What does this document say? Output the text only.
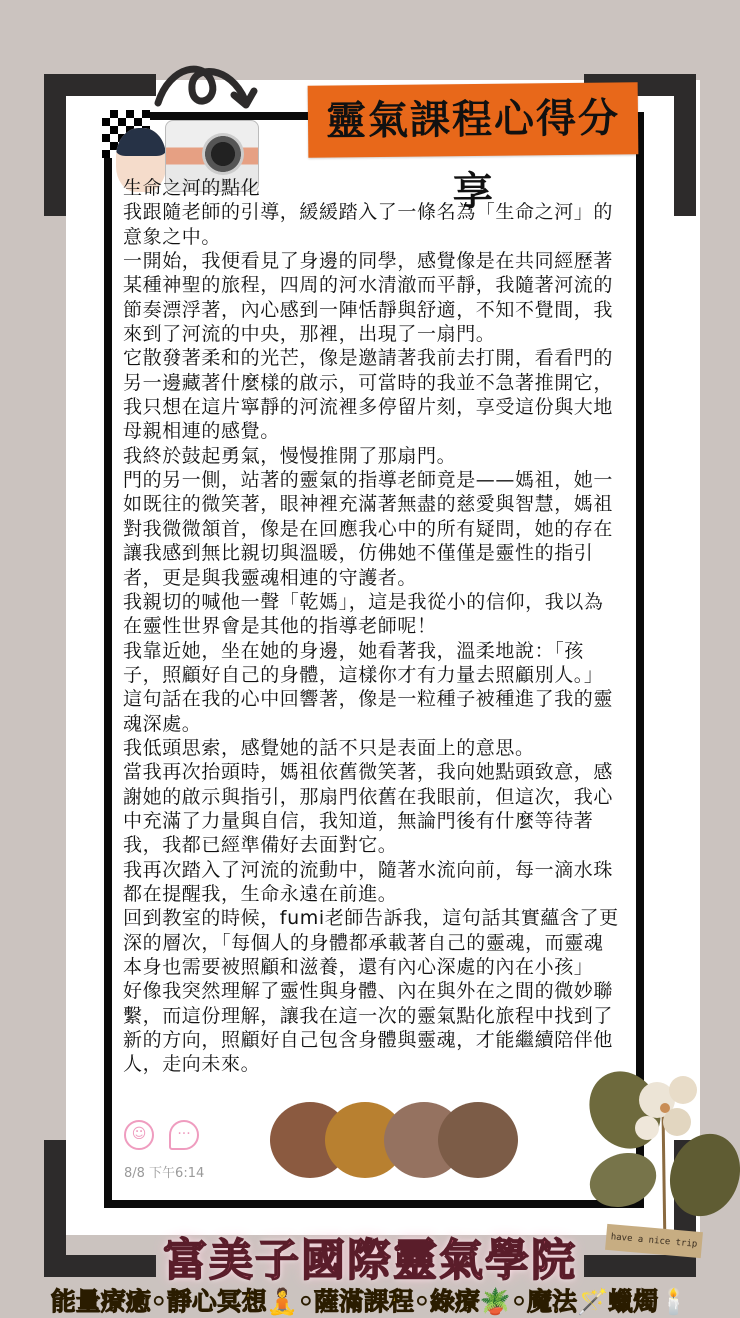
靈氣課程心得分享
生命之河的點化
我跟隨老師的引導，緩緩踏入了一條名為「生命之河」的
意象之中。
一開始，我便看見了身邊的同學，感覺像是在共同經歷著
某種神聖的旅程，四周的河水清澈而平靜，我隨著河流的
節奏漂浮著，內心感到一陣恬靜與舒適，不知不覺間，我
來到了河流的中央，那裡，出現了一扇門。
它散發著柔和的光芒，像是邀請著我前去打開，看看門的
另一邊藏著什麼樣的啟示，可當時的我並不急著推開它，
我只想在這片寧靜的河流裡多停留片刻，享受這份與大地
母親相連的感覺。
我終於鼓起勇氣，慢慢推開了那扇門。
門的另一側，站著的靈氣的指導老師竟是——媽祖，她一
如既往的微笑著，眼神裡充滿著無盡的慈愛與智慧，媽祖
對我微微頷首，像是在回應我心中的所有疑問，她的存在
讓我感到無比親切與溫暖，仿佛她不僅僅是靈性的指引
者，更是與我靈魂相連的守護者。
我親切的喊他一聲「乾媽」，這是我從小的信仰，我以為
在靈性世界會是其他的指導老師呢！
我靠近她，坐在她的身邊，她看著我，溫柔地說：「孩
子，照顧好自己的身體，這樣你才有力量去照顧別人。」
這句話在我的心中回響著，像是一粒種子被種進了我的靈
魂深處。
我低頭思索，感覺她的話不只是表面上的意思。
當我再次抬頭時，媽祖依舊微笑著，我向她點頭致意，感
謝她的啟示與指引，那扇門依舊在我眼前，但這次，我心
中充滿了力量與自信，我知道，無論門後有什麼等待著
我，我都已經準備好去面對它。
我再次踏入了河流的流動中，隨著水流向前，每一滴水珠
都在提醒我，生命永遠在前進。
回到教室的時候，fumi老師告訴我，這句話其實蘊含了更
深的層次，「每個人的身體都承載著自己的靈魂，而靈魂
本身也需要被照顧和滋養，還有內心深處的內在小孩」
好像我突然理解了靈性與身體、內在與外在之間的微妙聯
繫，而這份理解，讓我在這一次的靈氣點化旅程中找到了
新的方向，照顧好自己包含身體與靈魂，才能繼續陪伴他
人，走向未來。
☺	···
8/8 下午6:14
have a nice trip
富美子國際靈氣學院
能量療癒◦靜心冥想🧘◦薩滿課程◦綠療🪴◦魔法🪄蠟燭🕯️
